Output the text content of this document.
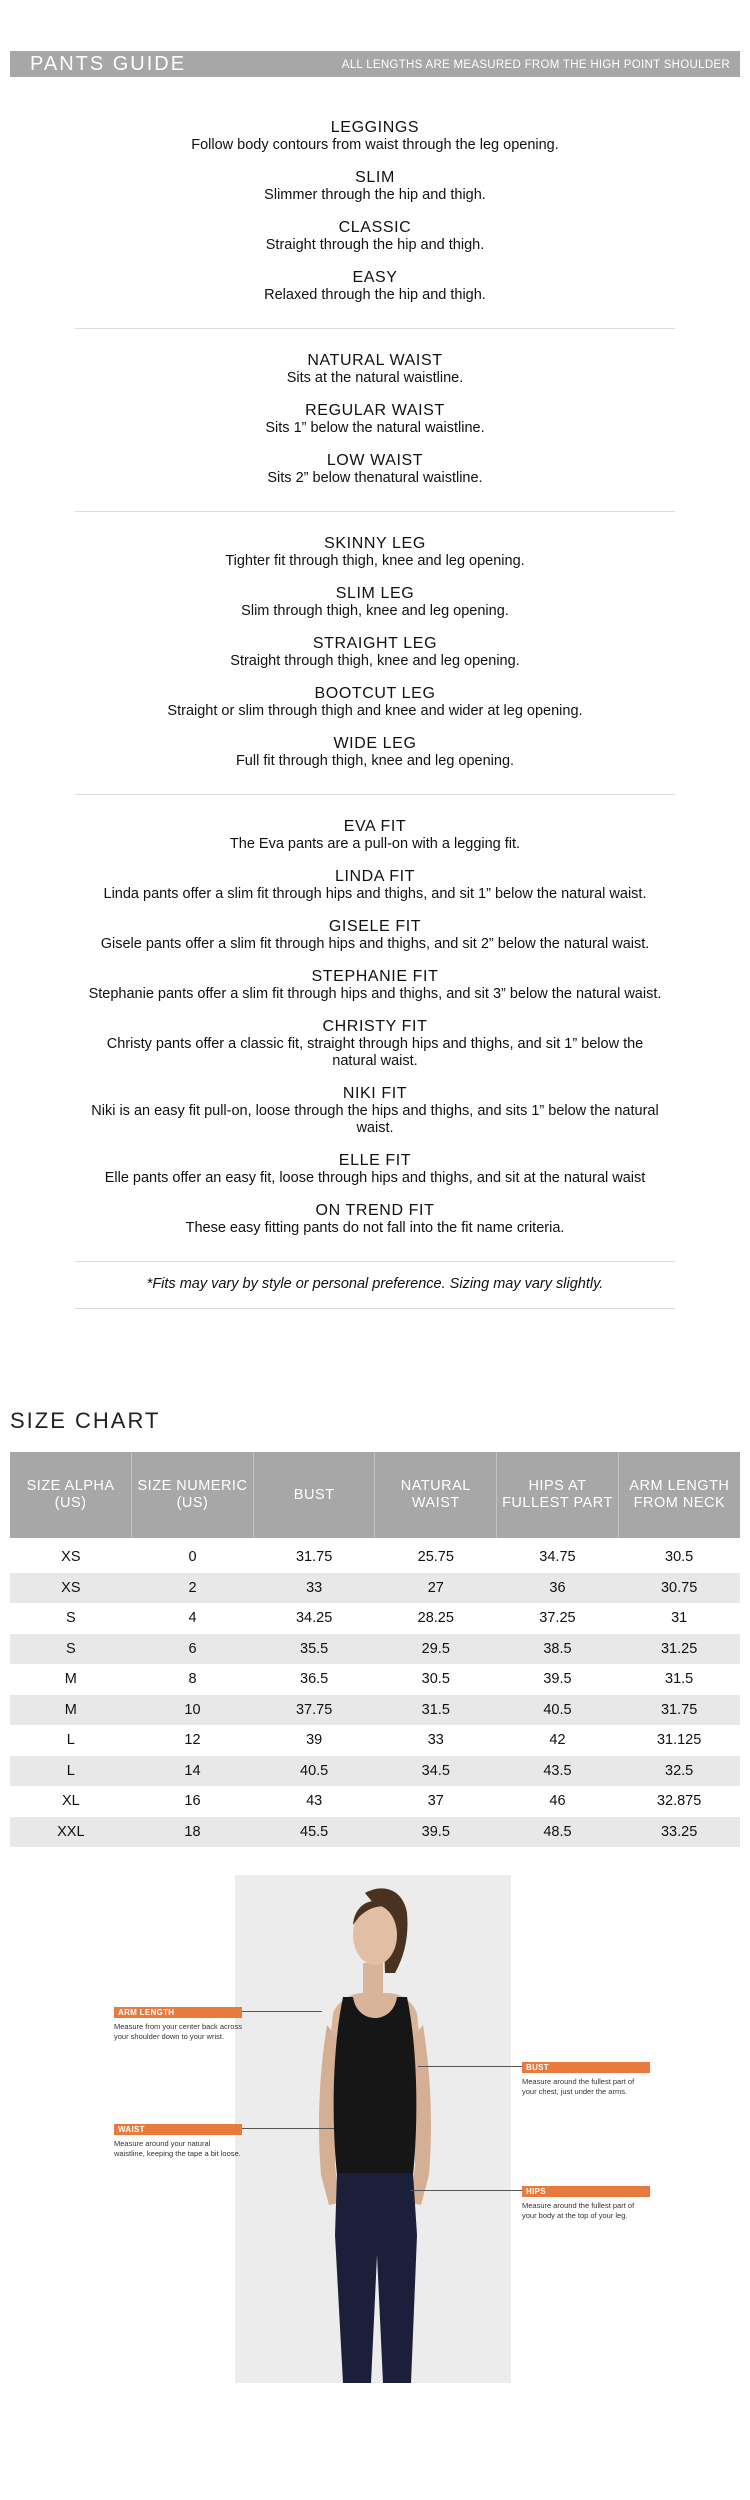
PANTS GUIDE	ALL LENGTHS ARE MEASURED FROM THE HIGH POINT SHOULDER
LEGGINGS
Follow body contours from waist through the leg opening.
SLIM
Slimmer through the hip and thigh.
CLASSIC
Straight through the hip and thigh.
EASY
Relaxed through the hip and thigh.
NATURAL WAIST
Sits at the natural waistline.
REGULAR WAIST
Sits 1” below the natural waistline.
LOW WAIST
Sits 2” below thenatural waistline.
SKINNY LEG
Tighter fit through thigh, knee and leg opening.
SLIM LEG
Slim through thigh, knee and leg opening.
STRAIGHT LEG
Straight through thigh, knee and leg opening.
BOOTCUT LEG
Straight or slim through thigh and knee and wider at leg opening.
WIDE LEG
Full fit through thigh, knee and leg opening.
EVA FIT
The Eva pants are a pull-on with a legging fit.
LINDA FIT
Linda pants offer a slim fit through hips and thighs, and sit 1” below the natural waist.
GISELE FIT
Gisele pants offer a slim fit through hips and thighs, and sit 2” below the natural waist.
STEPHANIE FIT
Stephanie pants offer a slim fit through hips and thighs, and sit 3” below the natural waist.
CHRISTY FIT
Christy pants offer a classic fit, straight through hips and thighs, and sit 1” below the natural waist.
NIKI FIT
Niki is an easy fit pull-on, loose through the hips and thighs, and sits 1” below the natural waist.
ELLE FIT
Elle pants offer an easy fit, loose through hips and thighs, and sit at the natural waist
ON TREND FIT
These easy fitting pants do not fall into the fit name criteria.
*Fits may vary by style or personal preference. Sizing may vary slightly.
SIZE CHART
SIZE ALPHA (US)	SIZE NUMERIC (US)	BUST	NATURAL WAIST	HIPS AT FULLEST PART	ARM LENGTH FROM NECK

XS	0	31.75	25.75	34.75	30.5
XS	2	33	27	36	30.75
S	4	34.25	28.25	37.25	31
S	6	35.5	29.5	38.5	31.25
M	8	36.5	30.5	39.5	31.5
M	10	37.75	31.5	40.5	31.75
L	12	39	33	42	31.125
L	14	40.5	34.5	43.5	32.5
XL	16	43	37	46	32.875
XXL	18	45.5	39.5	48.5	33.25
ARM LENGTH
Measure from your center back across your shoulder down to your wrist.
WAIST
Measure around your natural waistline, keeping the tape a bit loose.
BUST
Measure around the fullest part of your chest, just under the arms.
HIPS
Measure around the fullest part of your body at the top of your leg.
